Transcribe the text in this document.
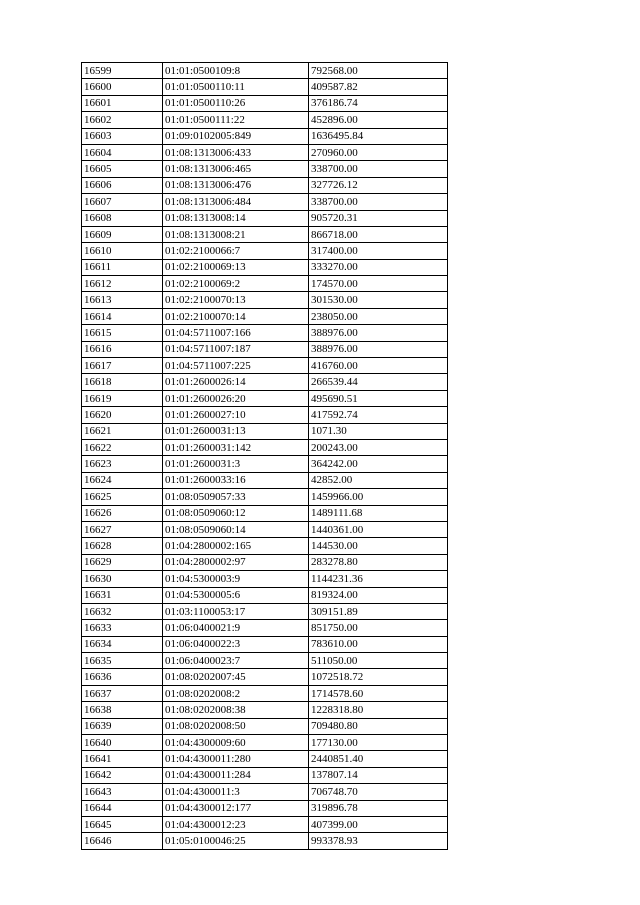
16599	01:01:0500109:8	792568.00
16600	01:01:0500110:11	409587.82
16601	01:01:0500110:26	376186.74
16602	01:01:0500111:22	452896.00
16603	01:09:0102005:849	1636495.84
16604	01:08:1313006:433	270960.00
16605	01:08:1313006:465	338700.00
16606	01:08:1313006:476	327726.12
16607	01:08:1313006:484	338700.00
16608	01:08:1313008:14	905720.31
16609	01:08:1313008:21	866718.00
16610	01:02:2100066:7	317400.00
16611	01:02:2100069:13	333270.00
16612	01:02:2100069:2	174570.00
16613	01:02:2100070:13	301530.00
16614	01:02:2100070:14	238050.00
16615	01:04:5711007:166	388976.00
16616	01:04:5711007:187	388976.00
16617	01:04:5711007:225	416760.00
16618	01:01:2600026:14	266539.44
16619	01:01:2600026:20	495690.51
16620	01:01:2600027:10	417592.74
16621	01:01:2600031:13	1071.30
16622	01:01:2600031:142	200243.00
16623	01:01:2600031:3	364242.00
16624	01:01:2600033:16	42852.00
16625	01:08:0509057:33	1459966.00
16626	01:08:0509060:12	1489111.68
16627	01:08:0509060:14	1440361.00
16628	01:04:2800002:165	144530.00
16629	01:04:2800002:97	283278.80
16630	01:04:5300003:9	1144231.36
16631	01:04:5300005:6	819324.00
16632	01:03:1100053:17	309151.89
16633	01:06:0400021:9	851750.00
16634	01:06:0400022:3	783610.00
16635	01:06:0400023:7	511050.00
16636	01:08:0202007:45	1072518.72
16637	01:08:0202008:2	1714578.60
16638	01:08:0202008:38	1228318.80
16639	01:08:0202008:50	709480.80
16640	01:04:4300009:60	177130.00
16641	01:04:4300011:280	2440851.40
16642	01:04:4300011:284	137807.14
16643	01:04:4300011:3	706748.70
16644	01:04:4300012:177	319896.78
16645	01:04:4300012:23	407399.00
16646	01:05:0100046:25	993378.93
